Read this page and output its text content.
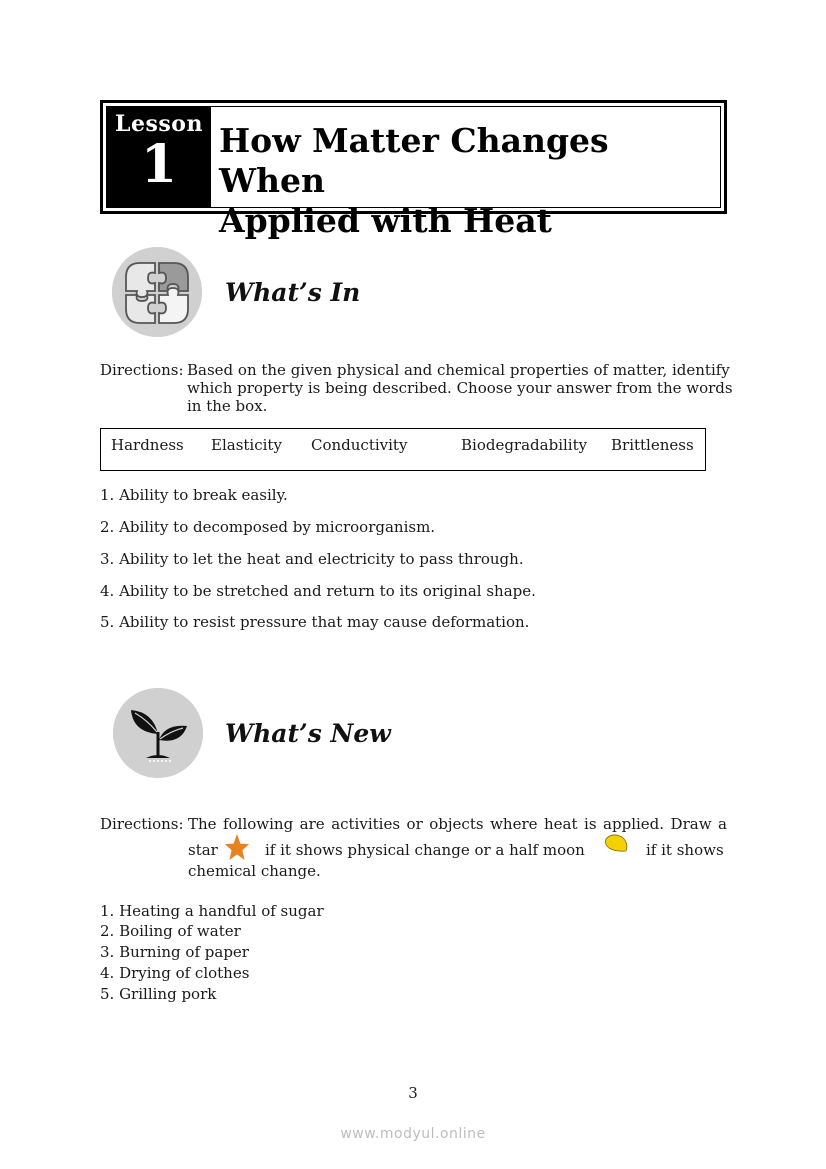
Lesson
1	How Matter Changes When
Applied with Heat
What’s In
Directions: Based on the given physical and chemical properties of matter, identify
which property is being described. Choose your answer from the words
in the box.
Hardness Elasticity Conductivity	Biodegradability Brittleness
1. Ability to break easily.
2. Ability to decomposed by microorganism.
3. Ability to let the heat and electricity to pass through.
4. Ability to be stretched and return to its original shape.
5. Ability to resist pressure that may cause deformation.
What’s New
Directions: The following are activities or objects where heat is applied. Draw a
star	if it shows physical change or a half moon	if it shows
chemical change.
1. Heating a handful of sugar
2. Boiling of water
3. Burning of paper
4. Drying of clothes
5. Grilling pork
3
www.modyul.online
